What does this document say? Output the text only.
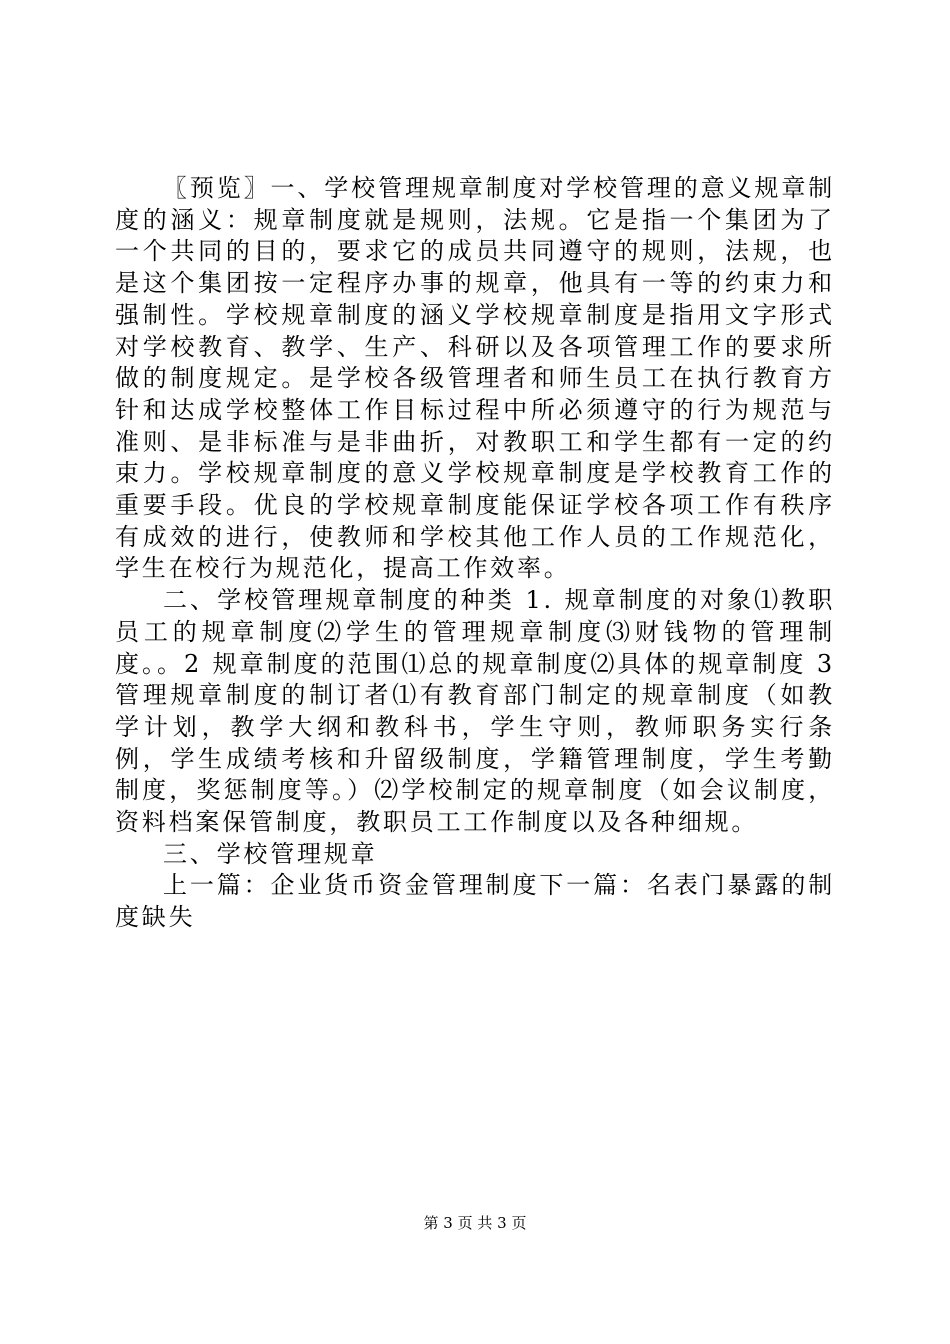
〖预览〗一、学校管理规章制度对学校管理的意义规章制度的涵义：规章制度就是规则，法规。它是指一个集团为了一个共同的目的，要求它的成员共同遵守的规则，法规，也是这个集团按一定程序办事的规章，他具有一等的约束力和强制性。学校规章制度的涵义学校规章制度是指用文字形式对学校教育、教学、生产、科研以及各项管理工作的要求所做的制度规定。是学校各级管理者和师生员工在执行教育方针和达成学校整体工作目标过程中所必须遵守的行为规范与准则、是非标准与是非曲折，对教职工和学生都有一定的约束力。学校规章制度的意义学校规章制度是学校教育工作的重要手段。优良的学校规章制度能保证学校各项工作有秩序有成效的进行，使教师和学校其他工作人员的工作规范化，学生在校行为规范化，提高工作效率。

二、学校管理规章制度的种类 1. 规章制度的对象⑴教职员工的规章制度⑵学生的管理规章制度⑶财钱物的管理制度。。2 规章制度的范围⑴总的规章制度⑵具体的规章制度 3 管理规章制度的制订者⑴有教育部门制定的规章制度（如教学计划，教学大纲和教科书，学生守则，教师职务实行条例，学生成绩考核和升留级制度，学籍管理制度，学生考勤制度，奖惩制度等。）⑵学校制定的规章制度（如会议制度，资料档案保管制度，教职员工工作制度以及各种细规。

三、学校管理规章

上一篇：企业货币资金管理制度下一篇：名表门暴露的制度缺失

第 3 页 共 3 页
